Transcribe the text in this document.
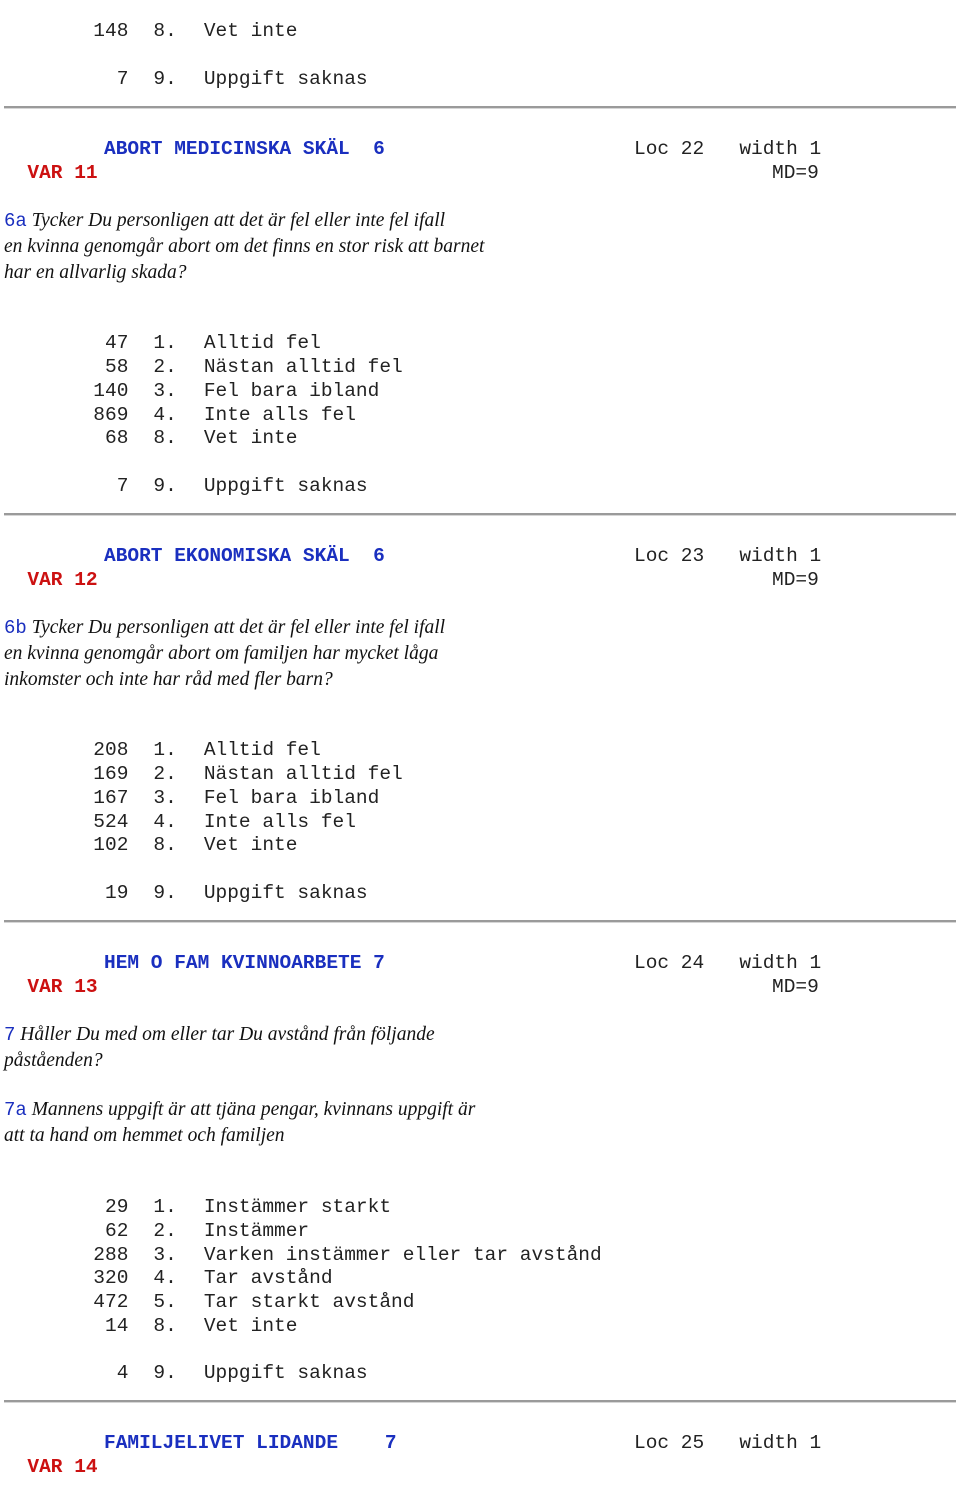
148 8. Vet inte

7 9. Uppgift saknas

VAR 11

ABORT MEDICINSKA SKÄL  6	Loc 22   width 1
MD=9
6a Tycker Du personligen att det är fel eller inte fel ifall
en kvinna genomgår abort om det finns en stor risk att barnet
har en allvarlig skada?

47 1. Alltid fel

58 2. Nästan alltid fel

140 3. Fel bara ibland

869 4. Inte alls fel

68 8. Vet inte

7 9. Uppgift saknas

VAR 12

ABORT EKONOMISKA SKÄL  6	Loc 23   width 1
MD=9
6b Tycker Du personligen att det är fel eller inte fel ifall
en kvinna genomgår abort om familjen har mycket låga
inkomster och inte har råd med fler barn?

208 1. Alltid fel

169 2. Nästan alltid fel

167 3. Fel bara ibland

524 4. Inte alls fel

102 8. Vet inte

19 9. Uppgift saknas

VAR 13

HEM O FAM KVINNOARBETE 7	Loc 24   width 1
MD=9
7 Håller Du med om eller tar Du avstånd från följande
påståenden?
7a Mannens uppgift är att tjäna pengar, kvinnans uppgift är
att ta hand om hemmet och familjen

29 1. Instämmer starkt

62 2. Instämmer

288 3. Varken instämmer eller tar avstånd

320 4. Tar avstånd

472 5. Tar starkt avstånd

14 8. Vet inte

4 9. Uppgift saknas

VAR 14

FAMILJELIVET LIDANDE    7	Loc 25   width 1
